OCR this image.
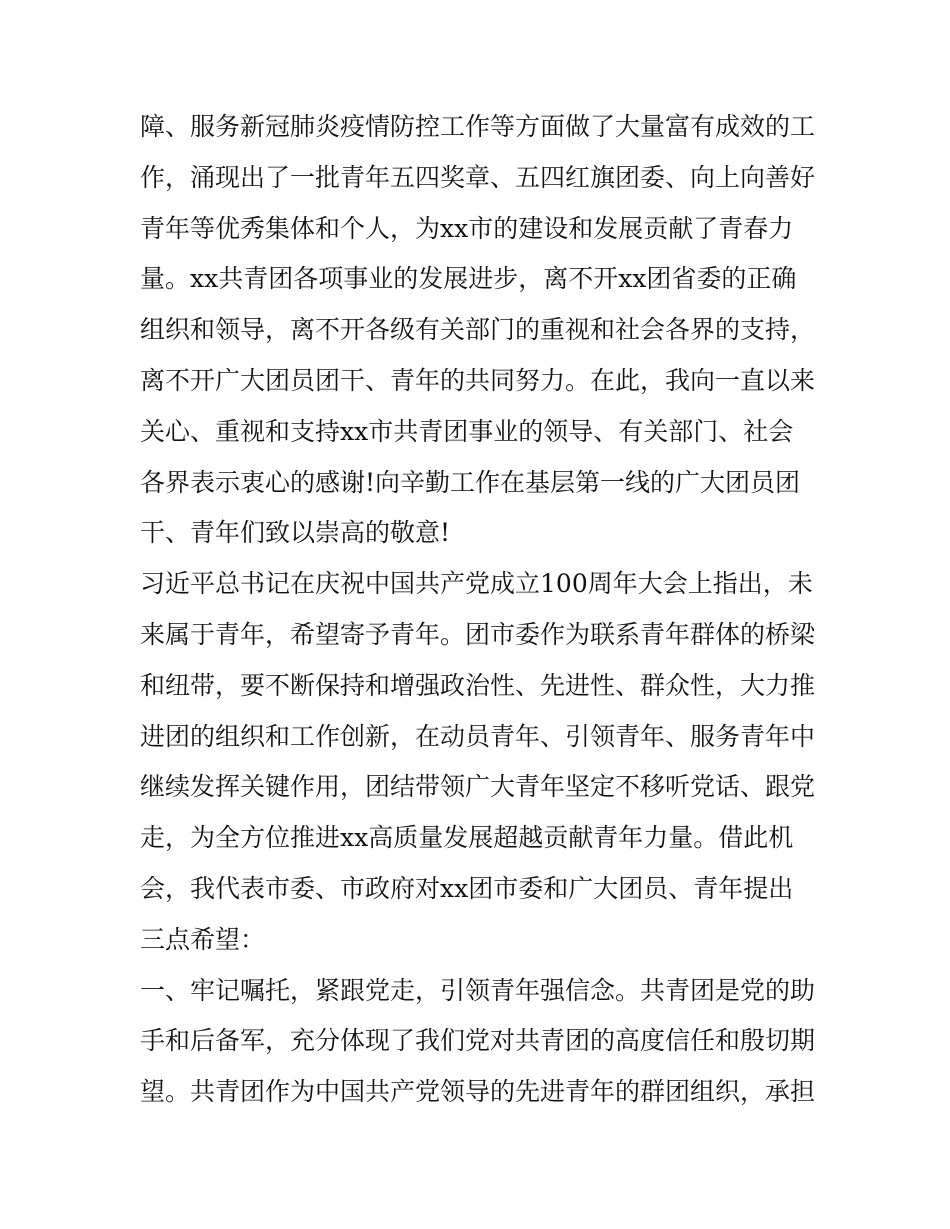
障、服务新冠肺炎疫情防控工作等方面做了大量富有成效的工
作，涌现出了一批青年五四奖章、五四红旗团委、向上向善好
青年等优秀集体和个人，为xx市的建设和发展贡献了青春力
量。xx共青团各项事业的发展进步，离不开xx团省委的正确
组织和领导，离不开各级有关部门的重视和社会各界的支持，
离不开广大团员团干、青年的共同努力。在此，我向一直以来
关心、重视和支持xx市共青团事业的领导、有关部门、社会
各界表示衷心的感谢!向辛勤工作在基层第一线的广大团员团
干、青年们致以崇高的敬意!
习近平总书记在庆祝中国共产党成立100周年大会上指出，未
来属于青年，希望寄予青年。团市委作为联系青年群体的桥梁
和纽带，要不断保持和增强政治性、先进性、群众性，大力推
进团的组织和工作创新，在动员青年、引领青年、服务青年中
继续发挥关键作用，团结带领广大青年坚定不移听党话、跟党
走，为全方位推进xx高质量发展超越贡献青年力量。借此机
会，我代表市委、市政府对xx团市委和广大团员、青年提出
三点希望：
一、牢记嘱托，紧跟党走，引领青年强信念。共青团是党的助
手和后备军，充分体现了我们党对共青团的高度信任和殷切期
望。共青团作为中国共产党领导的先进青年的群团组织，承担
